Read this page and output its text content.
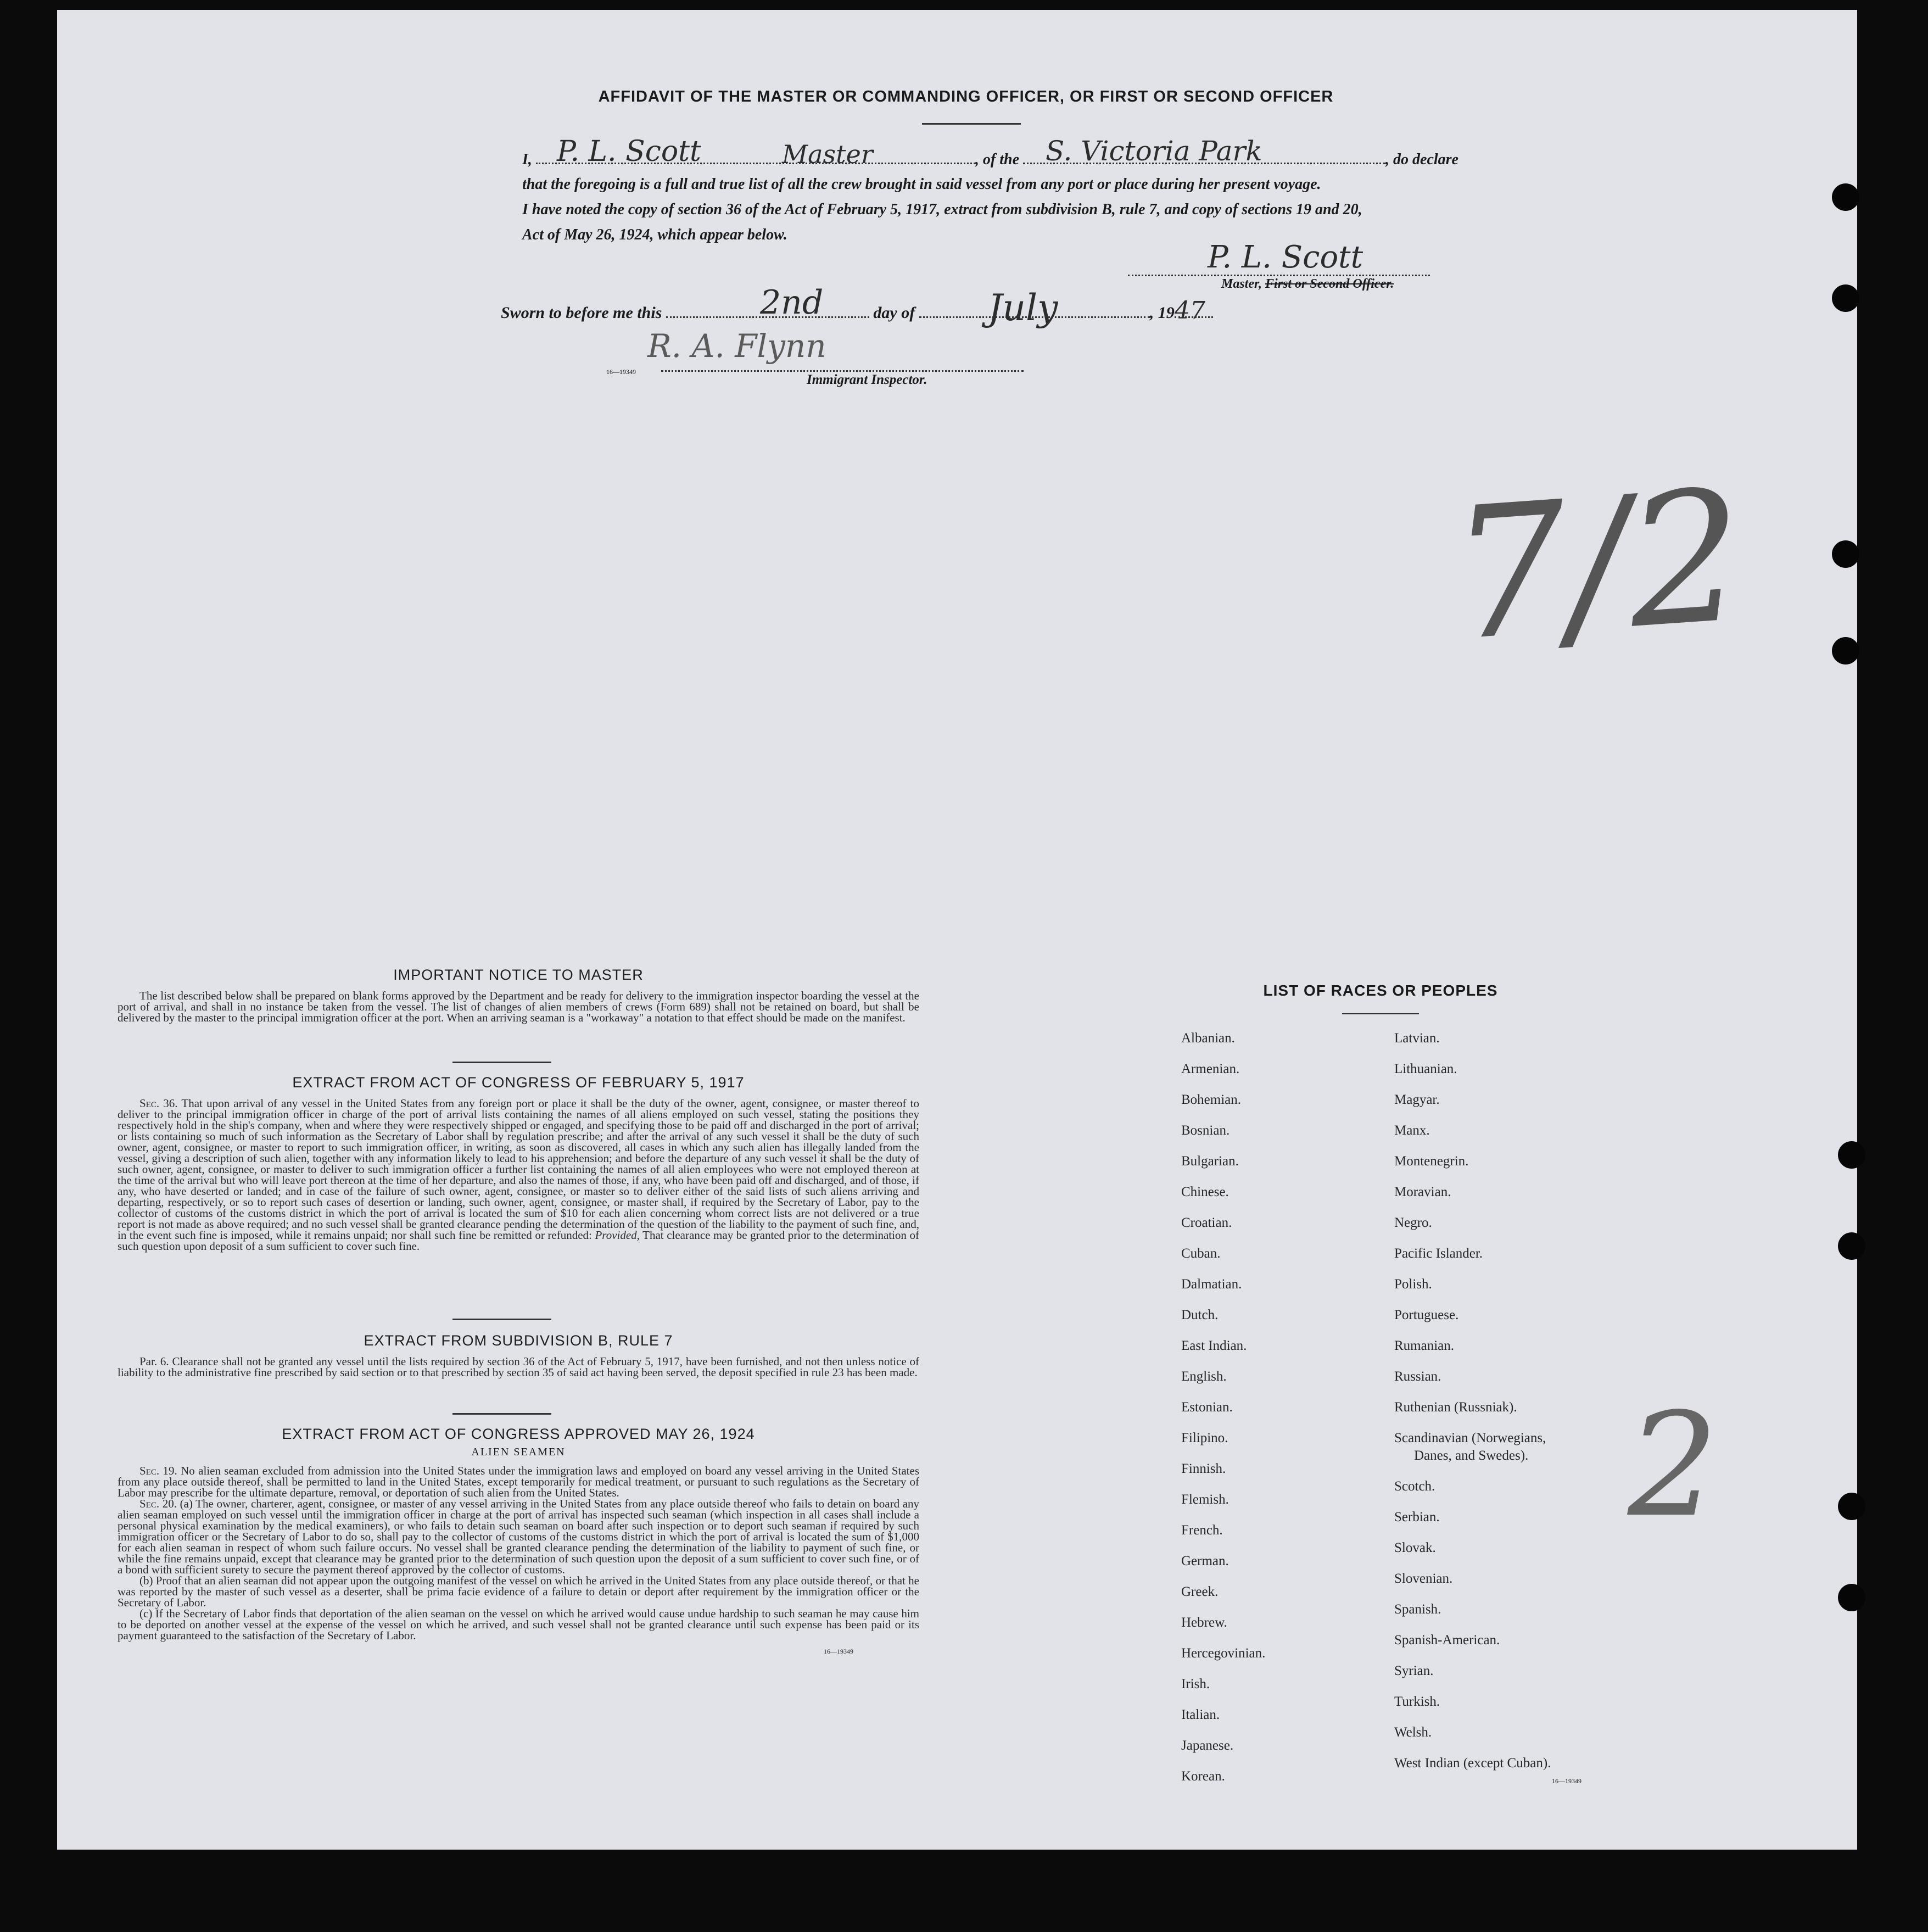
AFFIDAVIT OF THE MASTER OR COMMANDING OFFICER, OR FIRST OR SECOND OFFICER
I,	, of the	, do declare
that the foregoing is a full and true list of all the crew brought in said vessel from any port or place during her present voyage.
I have noted the copy of section 36 of the Act of February 5, 1917, extract from subdivision B, rule 7, and copy of sections 19 and 20,
Act of May 26, 1924, which appear below.
P. L. Scott	Master	S. Victoria Park
P. L. Scott
Master, First or Second Officer.
Sworn to before me this	day of	, 19
2nd	July	47
R. A. Flynn
16—19349
Immigrant Inspector.
7/2
2
IMPORTANT NOTICE TO MASTER

The list described below shall be prepared on blank forms approved by the Department and be ready for delivery to the immigration inspector boarding the vessel at the port of arrival, and shall in no instance be taken from the vessel. The list of changes of alien members of crews (Form 689) shall not be retained on board, but shall be delivered by the master to the principal immigration officer at the port. When an arriving seaman is a "workaway" a notation to that effect should be made on the manifest.

EXTRACT FROM ACT OF CONGRESS OF FEBRUARY 5, 1917

Sec. 36. That upon arrival of any vessel in the United States from any foreign port or place it shall be the duty of the owner, agent, consignee, or master thereof to deliver to the principal immigration officer in charge of the port of arrival lists containing the names of all aliens employed on such vessel, stating the positions they respectively hold in the ship's company, when and where they were respectively shipped or engaged, and specifying those to be paid off and discharged in the port of arrival; or lists containing so much of such information as the Secretary of Labor shall by regulation prescribe; and after the arrival of any such vessel it shall be the duty of such owner, agent, consignee, or master to report to such immigration officer, in writing, as soon as discovered, all cases in which any such alien has illegally landed from the vessel, giving a description of such alien, together with any information likely to lead to his apprehension; and before the departure of any such vessel it shall be the duty of such owner, agent, consignee, or master to deliver to such immigration officer a further list containing the names of all alien employees who were not employed thereon at the time of the arrival but who will leave port thereon at the time of her departure, and also the names of those, if any, who have been paid off and discharged, and of those, if any, who have deserted or landed; and in case of the failure of such owner, agent, consignee, or master so to deliver either of the said lists of such aliens arriving and departing, respectively, or so to report such cases of desertion or landing, such owner, agent, consignee, or master shall, if required by the Secretary of Labor, pay to the collector of customs of the customs district in which the port of arrival is located the sum of $10 for each alien concerning whom correct lists are not delivered or a true report is not made as above required; and no such vessel shall be granted clearance pending the determination of the question of the liability to the payment of such fine, and, in the event such fine is imposed, while it remains unpaid; nor shall such fine be remitted or refunded: Provided, That clearance may be granted prior to the determination of such question upon deposit of a sum sufficient to cover such fine.

EXTRACT FROM SUBDIVISION B, RULE 7

Par. 6. Clearance shall not be granted any vessel until the lists required by section 36 of the Act of February 5, 1917, have been furnished, and not then unless notice of liability to the administrative fine prescribed by said section or to that prescribed by section 35 of said act having been served, the deposit specified in rule 23 has been made.

EXTRACT FROM ACT OF CONGRESS APPROVED MAY 26, 1924
ALIEN SEAMEN

Sec. 19. No alien seaman excluded from admission into the United States under the immigration laws and employed on board any vessel arriving in the United States from any place outside thereof, shall be permitted to land in the United States, except temporarily for medical treatment, or pursuant to such regulations as the Secretary of Labor may prescribe for the ultimate departure, removal, or deportation of such alien from the United States.

Sec. 20. (a) The owner, charterer, agent, consignee, or master of any vessel arriving in the United States from any place outside thereof who fails to detain on board any alien seaman employed on such vessel until the immigration officer in charge at the port of arrival has inspected such seaman (which inspection in all cases shall include a personal physical examination by the medical examiners), or who fails to detain such seaman on board after such inspection or to deport such seaman if required by such immigration officer or the Secretary of Labor to do so, shall pay to the collector of customs of the customs district in which the port of arrival is located the sum of $1,000 for each alien seaman in respect of whom such failure occurs. No vessel shall be granted clearance pending the determination of the liability to payment of such fine, or while the fine remains unpaid, except that clearance may be granted prior to the determination of such question upon the deposit of a sum sufficient to cover such fine, or of a bond with sufficient surety to secure the payment thereof approved by the collector of customs.

(b) Proof that an alien seaman did not appear upon the outgoing manifest of the vessel on which he arrived in the United States from any place outside thereof, or that he was reported by the master of such vessel as a deserter, shall be prima facie evidence of a failure to detain or deport after requirement by the immigration officer or the Secretary of Labor.

(c) If the Secretary of Labor finds that deportation of the alien seaman on the vessel on which he arrived would cause undue hardship to such seaman he may cause him to be deported on another vessel at the expense of the vessel on which he arrived, and such vessel shall not be granted clearance until such expense has been paid or its payment guaranteed to the satisfaction of the Secretary of Labor.

16—19349
LIST OF RACES OR PEOPLES
Albanian.
Armenian.
Bohemian.
Bosnian.
Bulgarian.
Chinese.
Croatian.
Cuban.
Dalmatian.
Dutch.
East Indian.
English.
Estonian.
Filipino.
Finnish.
Flemish.
French.
German.
Greek.
Hebrew.
Hercegovinian.
Irish.
Italian.
Japanese.
Korean.
Latvian.
Lithuanian.
Magyar.
Manx.
Montenegrin.
Moravian.
Negro.
Pacific Islander.
Polish.
Portuguese.
Rumanian.
Russian.
Ruthenian (Russniak).
Scandinavian (Norwegians,
Danes, and Swedes).
Scotch.
Serbian.
Slovak.
Slovenian.
Spanish.
Spanish-American.
Syrian.
Turkish.
Welsh.
West Indian (except Cuban).
16—19349
